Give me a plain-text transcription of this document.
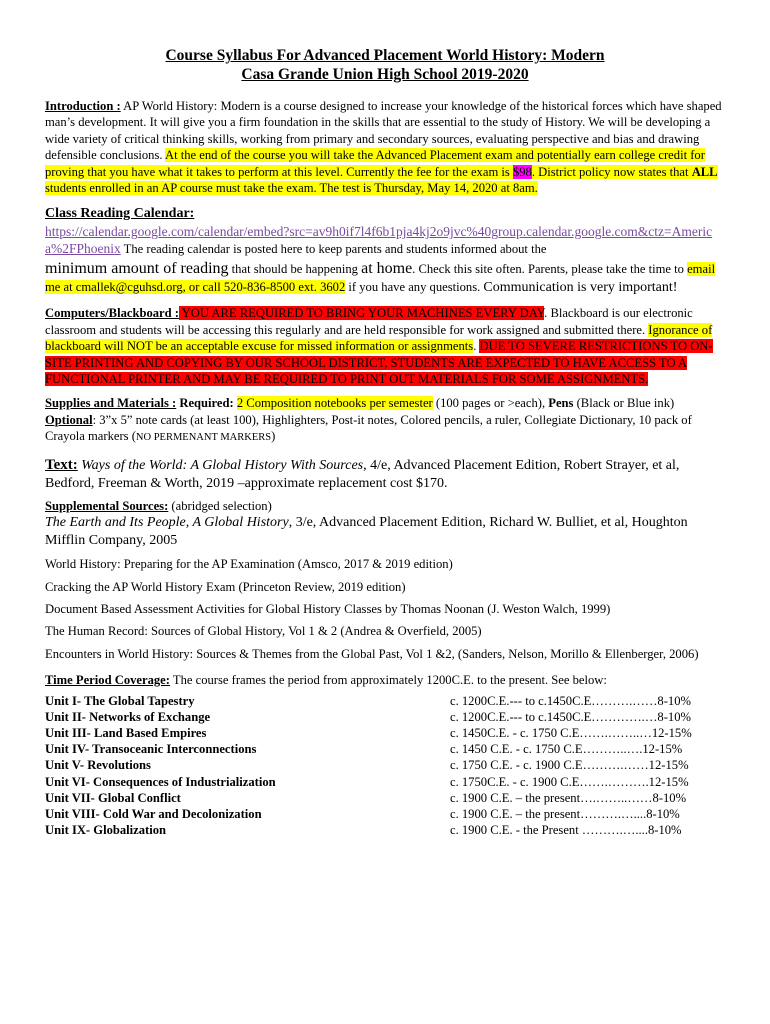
Course Syllabus For Advanced Placement World History: Modern
Casa Grande Union High School 2019-2020

Introduction : AP World History: Modern is a course designed to increase your knowledge of the historical forces which have shaped man’s development. It will give you a firm foundation in the skills that are essential to the study of History. We will be developing a wide variety of critical thinking skills, working from primary and secondary sources, evaluating perspective and bias and drawing defensible conclusions. At the end of the course you will take the Advanced Placement exam and potentially earn college credit for proving that you have what it takes to perform at this level. Currently the fee for the exam is $98. District policy now states that ALL students enrolled in an AP course must take the exam. The test is Thursday, May 14, 2020 at 8am.

Class Reading Calendar:
https://calendar.google.com/calendar/embed?src=av9h0if7l4f6b1pja4kj2o9jvc%40group.calendar.google.com&ctz=America%2FPhoenix The reading calendar is posted here to keep parents and students informed about the
minimum amount of reading that should be happening at home. Check this site often. Parents, please take the time to email me at cmallek@cguhsd.org, or call 520-836-8500 ext. 3602 if you have any questions. Communication is very important!

Computers/Blackboard : YOU ARE REQUIRED TO BRING YOUR MACHINES EVERY DAY. Blackboard is our electronic classroom and students will be accessing this regularly and are held responsible for work assigned and submitted there. Ignorance of blackboard will NOT be an acceptable excuse for missed information or assignments. DUE TO SEVERE RESTRICTIONS TO ON-SITE PRINTING AND COPYING BY OUR SCHOOL DISTRICT, STUDENTS ARE EXPECTED TO HAVE ACCESS TO A FUNCTIONAL PRINTER AND MAY BE REQUIRED TO PRINT OUT MATERIALS FOR SOME ASSIGNMENTS.

Supplies and Materials : Required: 2 Composition notebooks per semester (100 pages or >each), Pens (Black or Blue ink) Optional: 3”x 5” note cards (at least 100), Highlighters, Post-it notes, Colored pencils, a ruler, Collegiate Dictionary, 10 pack of Crayola markers (NO PERMENANT MARKERS)

Text: Ways of the World: A Global History With Sources, 4/e, Advanced Placement Edition, Robert Strayer, et al, Bedford, Freeman & Worth, 2019 –approximate replacement cost $170.

Supplemental Sources: (abridged selection)

The Earth and Its People, A Global History, 3/e, Advanced Placement Edition, Richard W. Bulliet, et al, Houghton Mifflin Company, 2005

World History: Preparing for the AP Examination (Amsco, 2017 & 2019 edition)

Cracking the AP World History Exam (Princeton Review, 2019 edition)

Document Based Assessment Activities for Global History Classes by Thomas Noonan (J. Weston Walch, 1999)

The Human Record: Sources of Global History, Vol 1 & 2 (Andrea & Overfield, 2005)

Encounters in World History: Sources & Themes from the Global Past, Vol 1 &2, (Sanders, Nelson, Morillo & Ellenberger, 2006)

Time Period Coverage: The course frames the period from approximately 1200C.E. to the present. See below:

Unit I- The Global Tapestry
Unit II- Networks of Exchange
Unit III- Land Based Empires
Unit IV- Transoceanic Interconnections
Unit V- Revolutions
Unit VI- Consequences of Industrialization
Unit VII- Global Conflict
Unit VIII- Cold War and Decolonization
Unit IX- Globalization
c. 1200C.E.--- to c.1450C.E……….……8-10%
c. 1200C.E.--- to c.1450C.E………….…8-10%
c. 1450C.E. - c. 1750 C.E…….……..…12-15%
c. 1450 C.E. - c. 1750 C.E………..….12-15%
c. 1750 C.E. - c. 1900 C.E……….……12-15%
c. 1750C.E. - c. 1900 C.E…….……….12-15%
c. 1900 C.E. – the present….……..……8-10%
c. 1900 C.E. – the present……….…....8-10%
c. 1900 C.E. - the Present ……….…....8-10%
